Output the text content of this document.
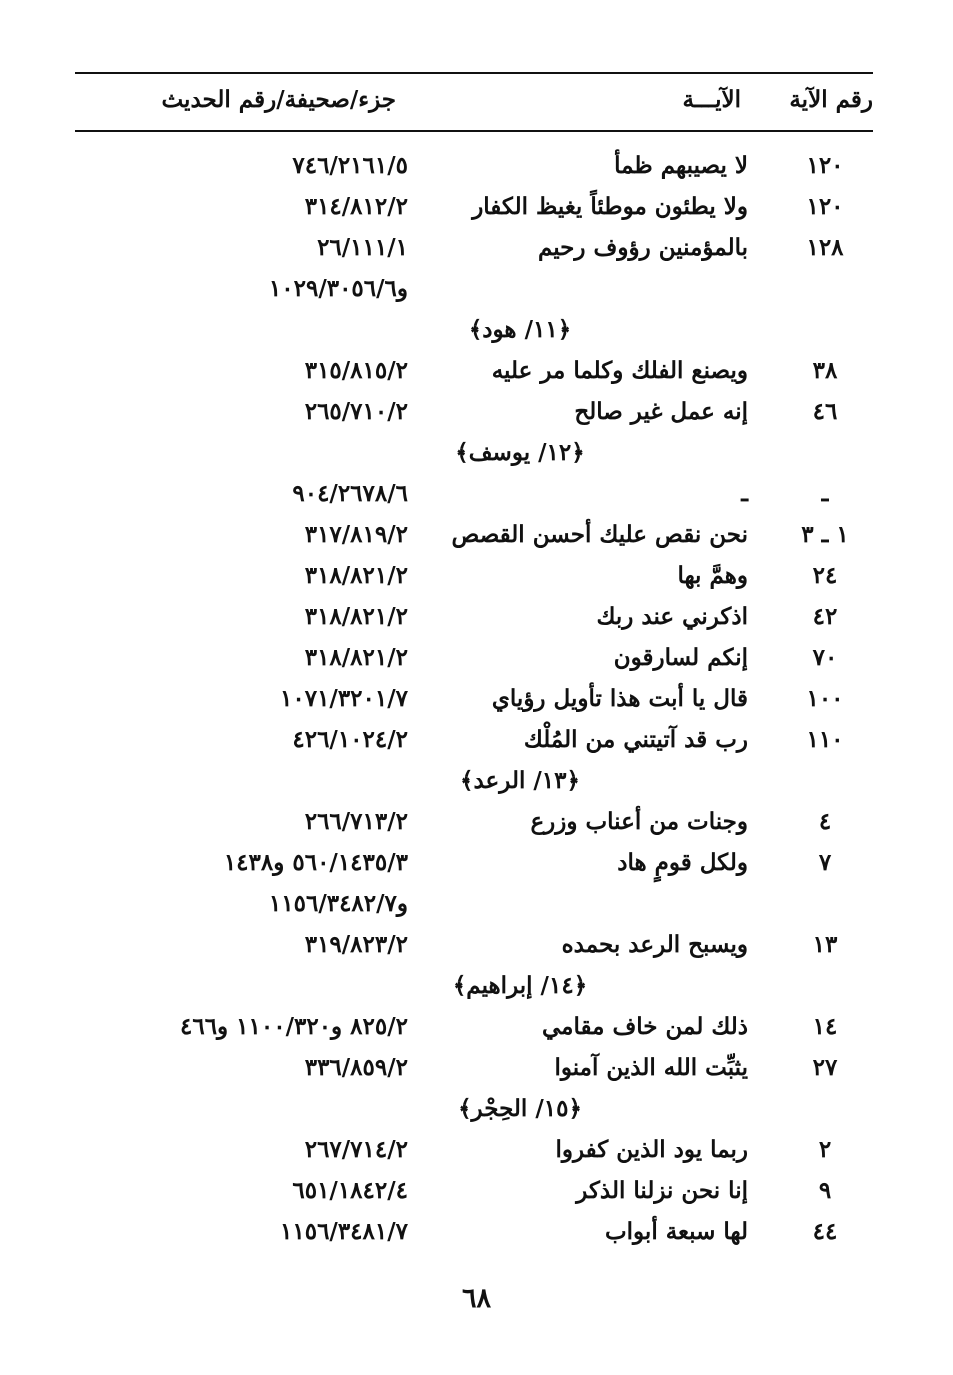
رقم الآية
الآيـــة
جزء/صحيفة/رقم الحديث
١٢٠
لا يصيبهم ظمأ
٧٤٦/٢١٦١/٥
١٢٠
ولا يطئون موطئاً يغيظ الكفار
٣١٤/٨١٢/٢
١٢٨
بالمؤمنين رؤوف رحيم
٢٦/١١١/١
و١٠٢٩/٣٠٥٦/٦
﴿١١/ هود﴾
٣٨
ويصنع الفلك وكلما مر عليه
٣١٥/٨١٥/٢
٤٦
إنه عمل غير صالح
٢٦٥/٧١٠/٢
﴿١٢/ يوسف﴾
ـ
ـ
٩٠٤/٢٦٧٨/٦
١ ـ ٣
نحن نقص عليك أحسن القصص
٣١٧/٨١٩/٢
٢٤
وهمَّ بها
٣١٨/٨٢١/٢
٤٢
اذكرني عند ربك
٣١٨/٨٢١/٢
٧٠
إنكم لسارقون
٣١٨/٨٢١/٢
١٠٠
قال يا أبت هذا تأويل رؤياي
١٠٧١/٣٢٠١/٧
١١٠
رب قد آتيتني من المُلْك
٤٢٦/١٠٢٤/٢
﴿١٣/ الرعد﴾
٤
وجنات من أعناب وزرع
٢٦٦/٧١٣/٢
٧
ولكل قومٍ هاد
٥٦٠/١٤٣٥/٣ و١٤٣٨
و١١٥٦/٣٤٨٢/٧
١٣
ويسبح الرعد بحمده
٣١٩/٨٢٣/٢
﴿١٤/ إبراهيم﴾
١٤
ذلك لمن خاف مقامي
٨٢٥/٢ و١١٠٠/٣٢٠ و٤٦٦
٢٧
يثبِّت الله الذين آمنوا
٣٣٦/٨٥٩/٢
﴿١٥/ الحِجْر﴾
٢
ربما يود الذين كفروا
٢٦٧/٧١٤/٢
٩
إنا نحن نزلنا الذكر
٦٥١/١٨٤٢/٤
٤٤
لها سبعة أبواب
١١٥٦/٣٤٨١/٧
٦٨
